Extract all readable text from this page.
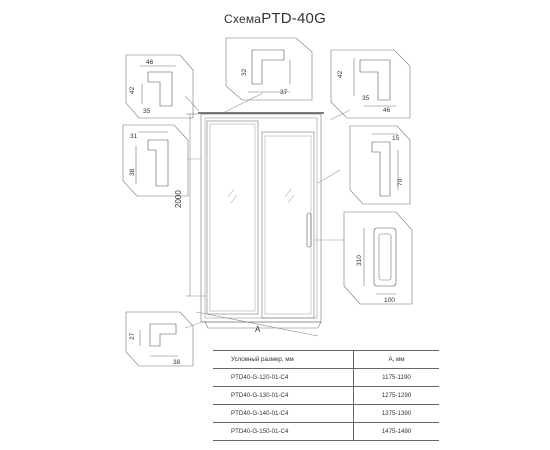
СхемаPTD-40G
2000
A
46
42
35
32
37
42
35
46
31
38
15
70
310
100
27
38	Условный размер, мм	A, мм
PTD40-G-120-01-C4	1175-1190
PTD40-G-130-01-C4	1275-1290
PTD40-G-140-01-C4	1375-1390
PTD40-G-150-01-C4	1475-1490
